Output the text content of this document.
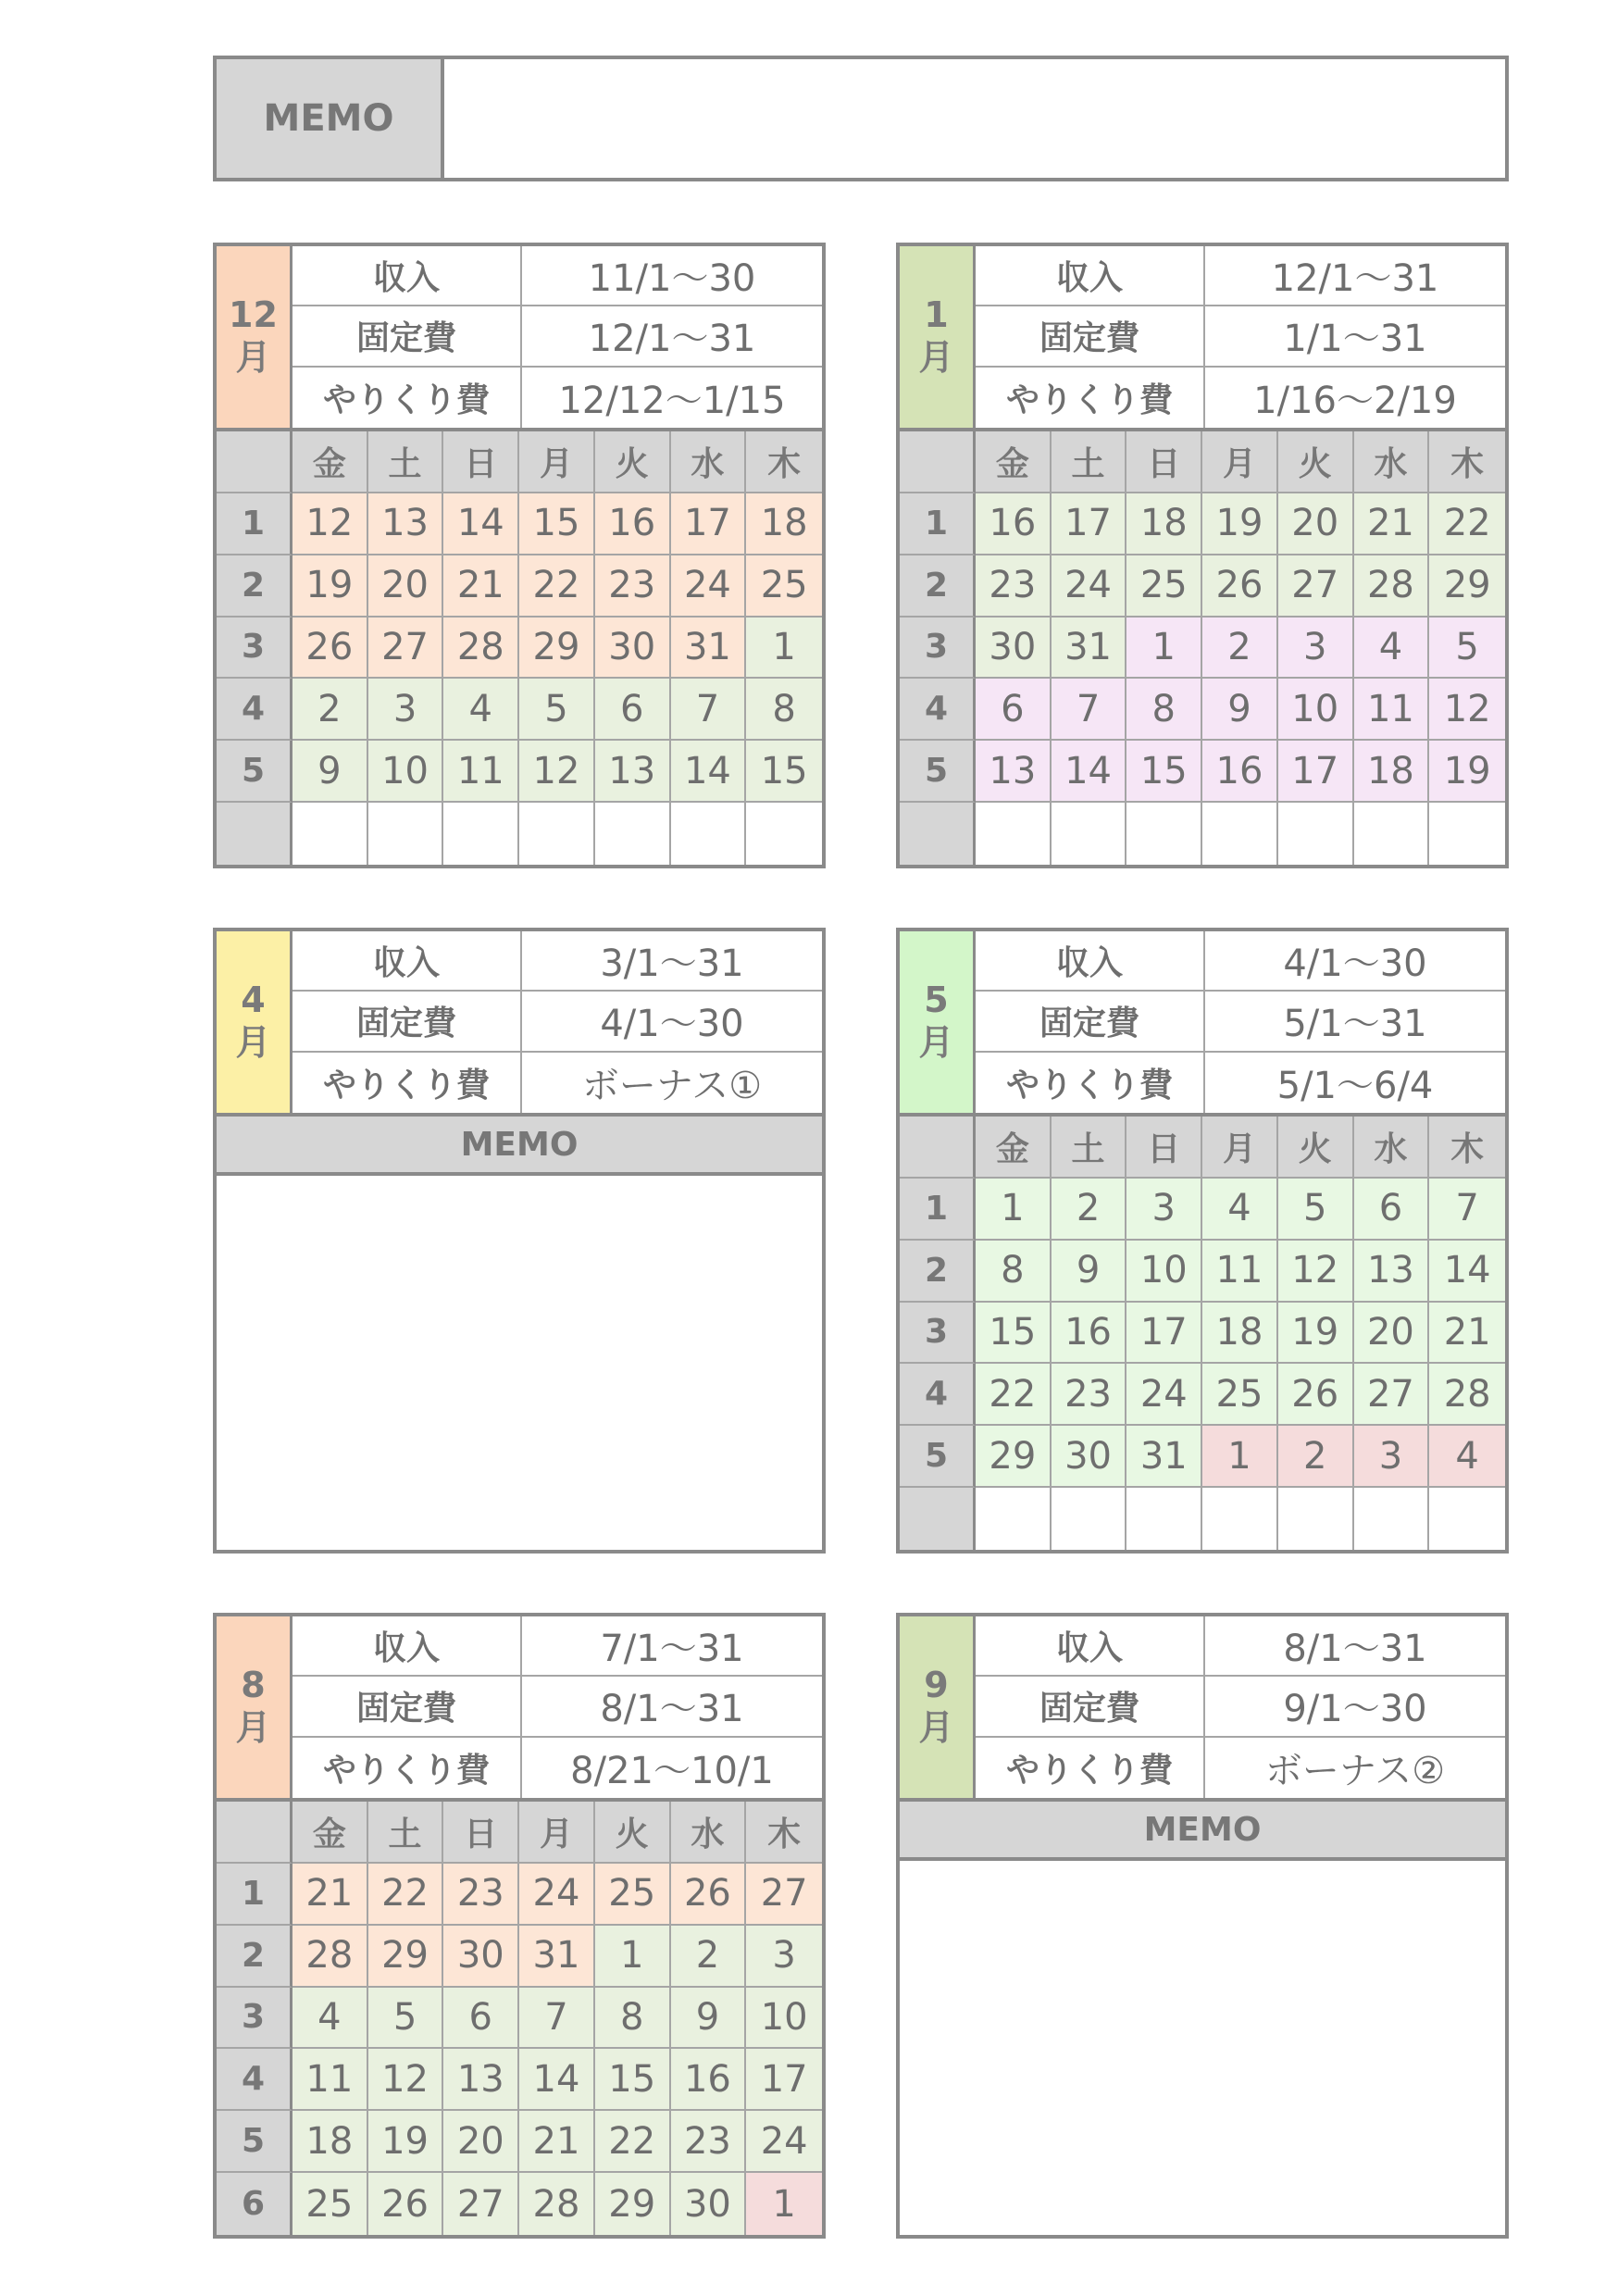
MEMO
12
月
収入	11/1〜30
固定費	12/1〜31
やりくり費	12/12〜1/15
金	土	日	月	火	水	木
1	12 13 14 15 16 17 18
2	19 20 21 22 23 24 25
3	26 27 28 29 30 31	1
4	2	3	4	5	6	7	8
5	9	10 11 12 13 14 15
1
月
収入	12/1〜31
固定費	1/1〜31
やりくり費	1/16〜2/19
金	土	日	月	火	水	木
1	16 17 18 19 20 21 22
2	23 24 25 26 27 28 29
3	30 31	1	2	3	4	5
4	6	7	8	9	10 11 12
5	13 14 15 16 17 18 19
4
月
収入	3/1〜31
固定費	4/1〜30
やりくり費	ボーナス①
MEMO
5
月
収入	4/1〜30
固定費	5/1〜31
やりくり費	5/1〜6/4
金	土	日	月	火	水	木
1	1	2	3	4	5	6	7
2	8	9	10 11 12 13 14
3	15 16 17 18 19 20 21
4	22 23 24 25 26 27 28
5	29 30 31	1	2	3	4
8
月
収入	7/1〜31
固定費	8/1〜31
やりくり費	8/21〜10/1
金	土	日	月	火	水	木
1	21 22 23 24 25 26 27
2	28 29 30 31	1	2	3
3	4	5	6	7	8	9	10
4	11 12 13 14 15 16 17
5	18 19 20 21 22 23 24
6	25 26 27 28 29 30	1
9
月
収入	8/1〜31
固定費	9/1〜30
やりくり費	ボーナス②
MEMO
